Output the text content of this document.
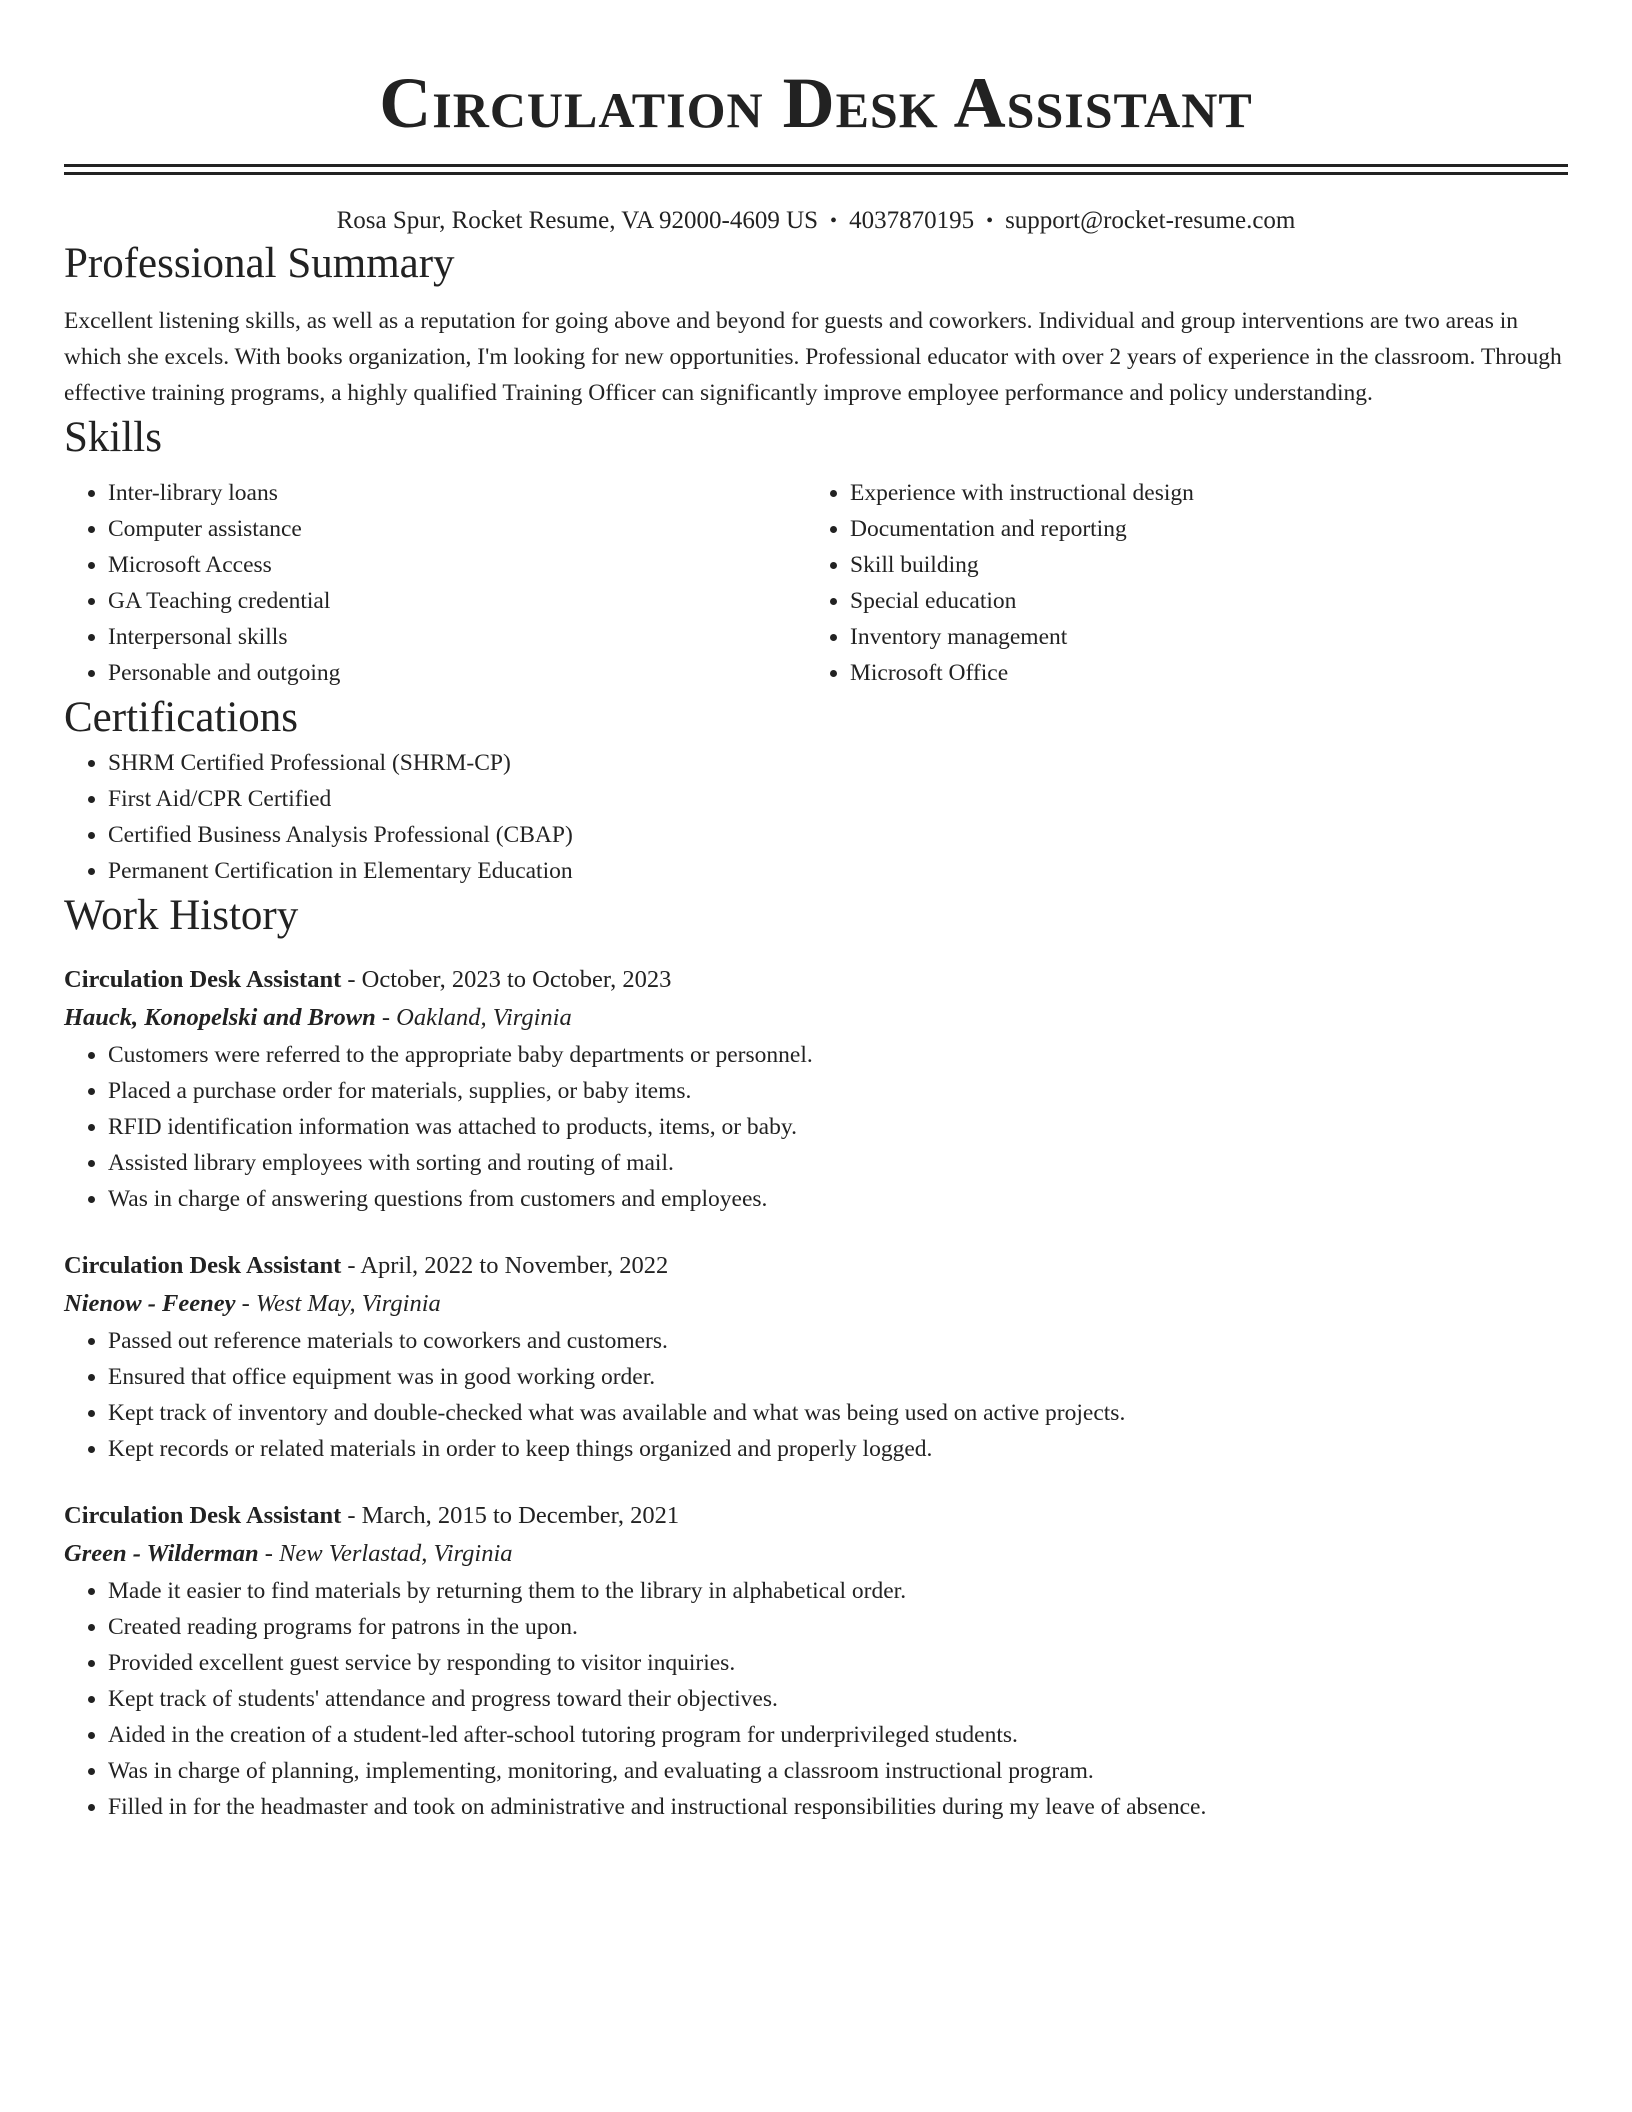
Circulation Desk Assistant
Rosa Spur, Rocket Resume, VA 92000-4609 US • 4037870195 • support@rocket-resume.com
Professional Summary
Excellent listening skills, as well as a reputation for going above and beyond for guests and coworkers. Individual and group interventions are two areas in which she excels. With books organization, I'm looking for new opportunities. Professional educator with over 2 years of experience in the classroom. Through effective training programs, a highly qualified Training Officer can significantly improve employee performance and policy understanding.
Skills
• Inter-library loans
• Computer assistance
• Microsoft Access
• GA Teaching credential
• Interpersonal skills
• Personable and outgoing
• Experience with instructional design
• Documentation and reporting
• Skill building
• Special education
• Inventory management
• Microsoft Office
Certifications
• SHRM Certified Professional (SHRM-CP)
• First Aid/CPR Certified
• Certified Business Analysis Professional (CBAP)
• Permanent Certification in Elementary Education
Work History
Circulation Desk Assistant - October, 2023 to October, 2023
Hauck, Konopelski and Brown - Oakland, Virginia
• Customers were referred to the appropriate baby departments or personnel.
• Placed a purchase order for materials, supplies, or baby items.
• RFID identification information was attached to products, items, or baby.
• Assisted library employees with sorting and routing of mail.
• Was in charge of answering questions from customers and employees.
Circulation Desk Assistant - April, 2022 to November, 2022
Nienow - Feeney - West May, Virginia
• Passed out reference materials to coworkers and customers.
• Ensured that office equipment was in good working order.
• Kept track of inventory and double-checked what was available and what was being used on active projects.
• Kept records or related materials in order to keep things organized and properly logged.
Circulation Desk Assistant - March, 2015 to December, 2021
Green - Wilderman - New Verlastad, Virginia
• Made it easier to find materials by returning them to the library in alphabetical order.
• Created reading programs for patrons in the upon.
• Provided excellent guest service by responding to visitor inquiries.
• Kept track of students' attendance and progress toward their objectives.
• Aided in the creation of a student-led after-school tutoring program for underprivileged students.
• Was in charge of planning, implementing, monitoring, and evaluating a classroom instructional program.
• Filled in for the headmaster and took on administrative and instructional responsibilities during my leave of absence.
